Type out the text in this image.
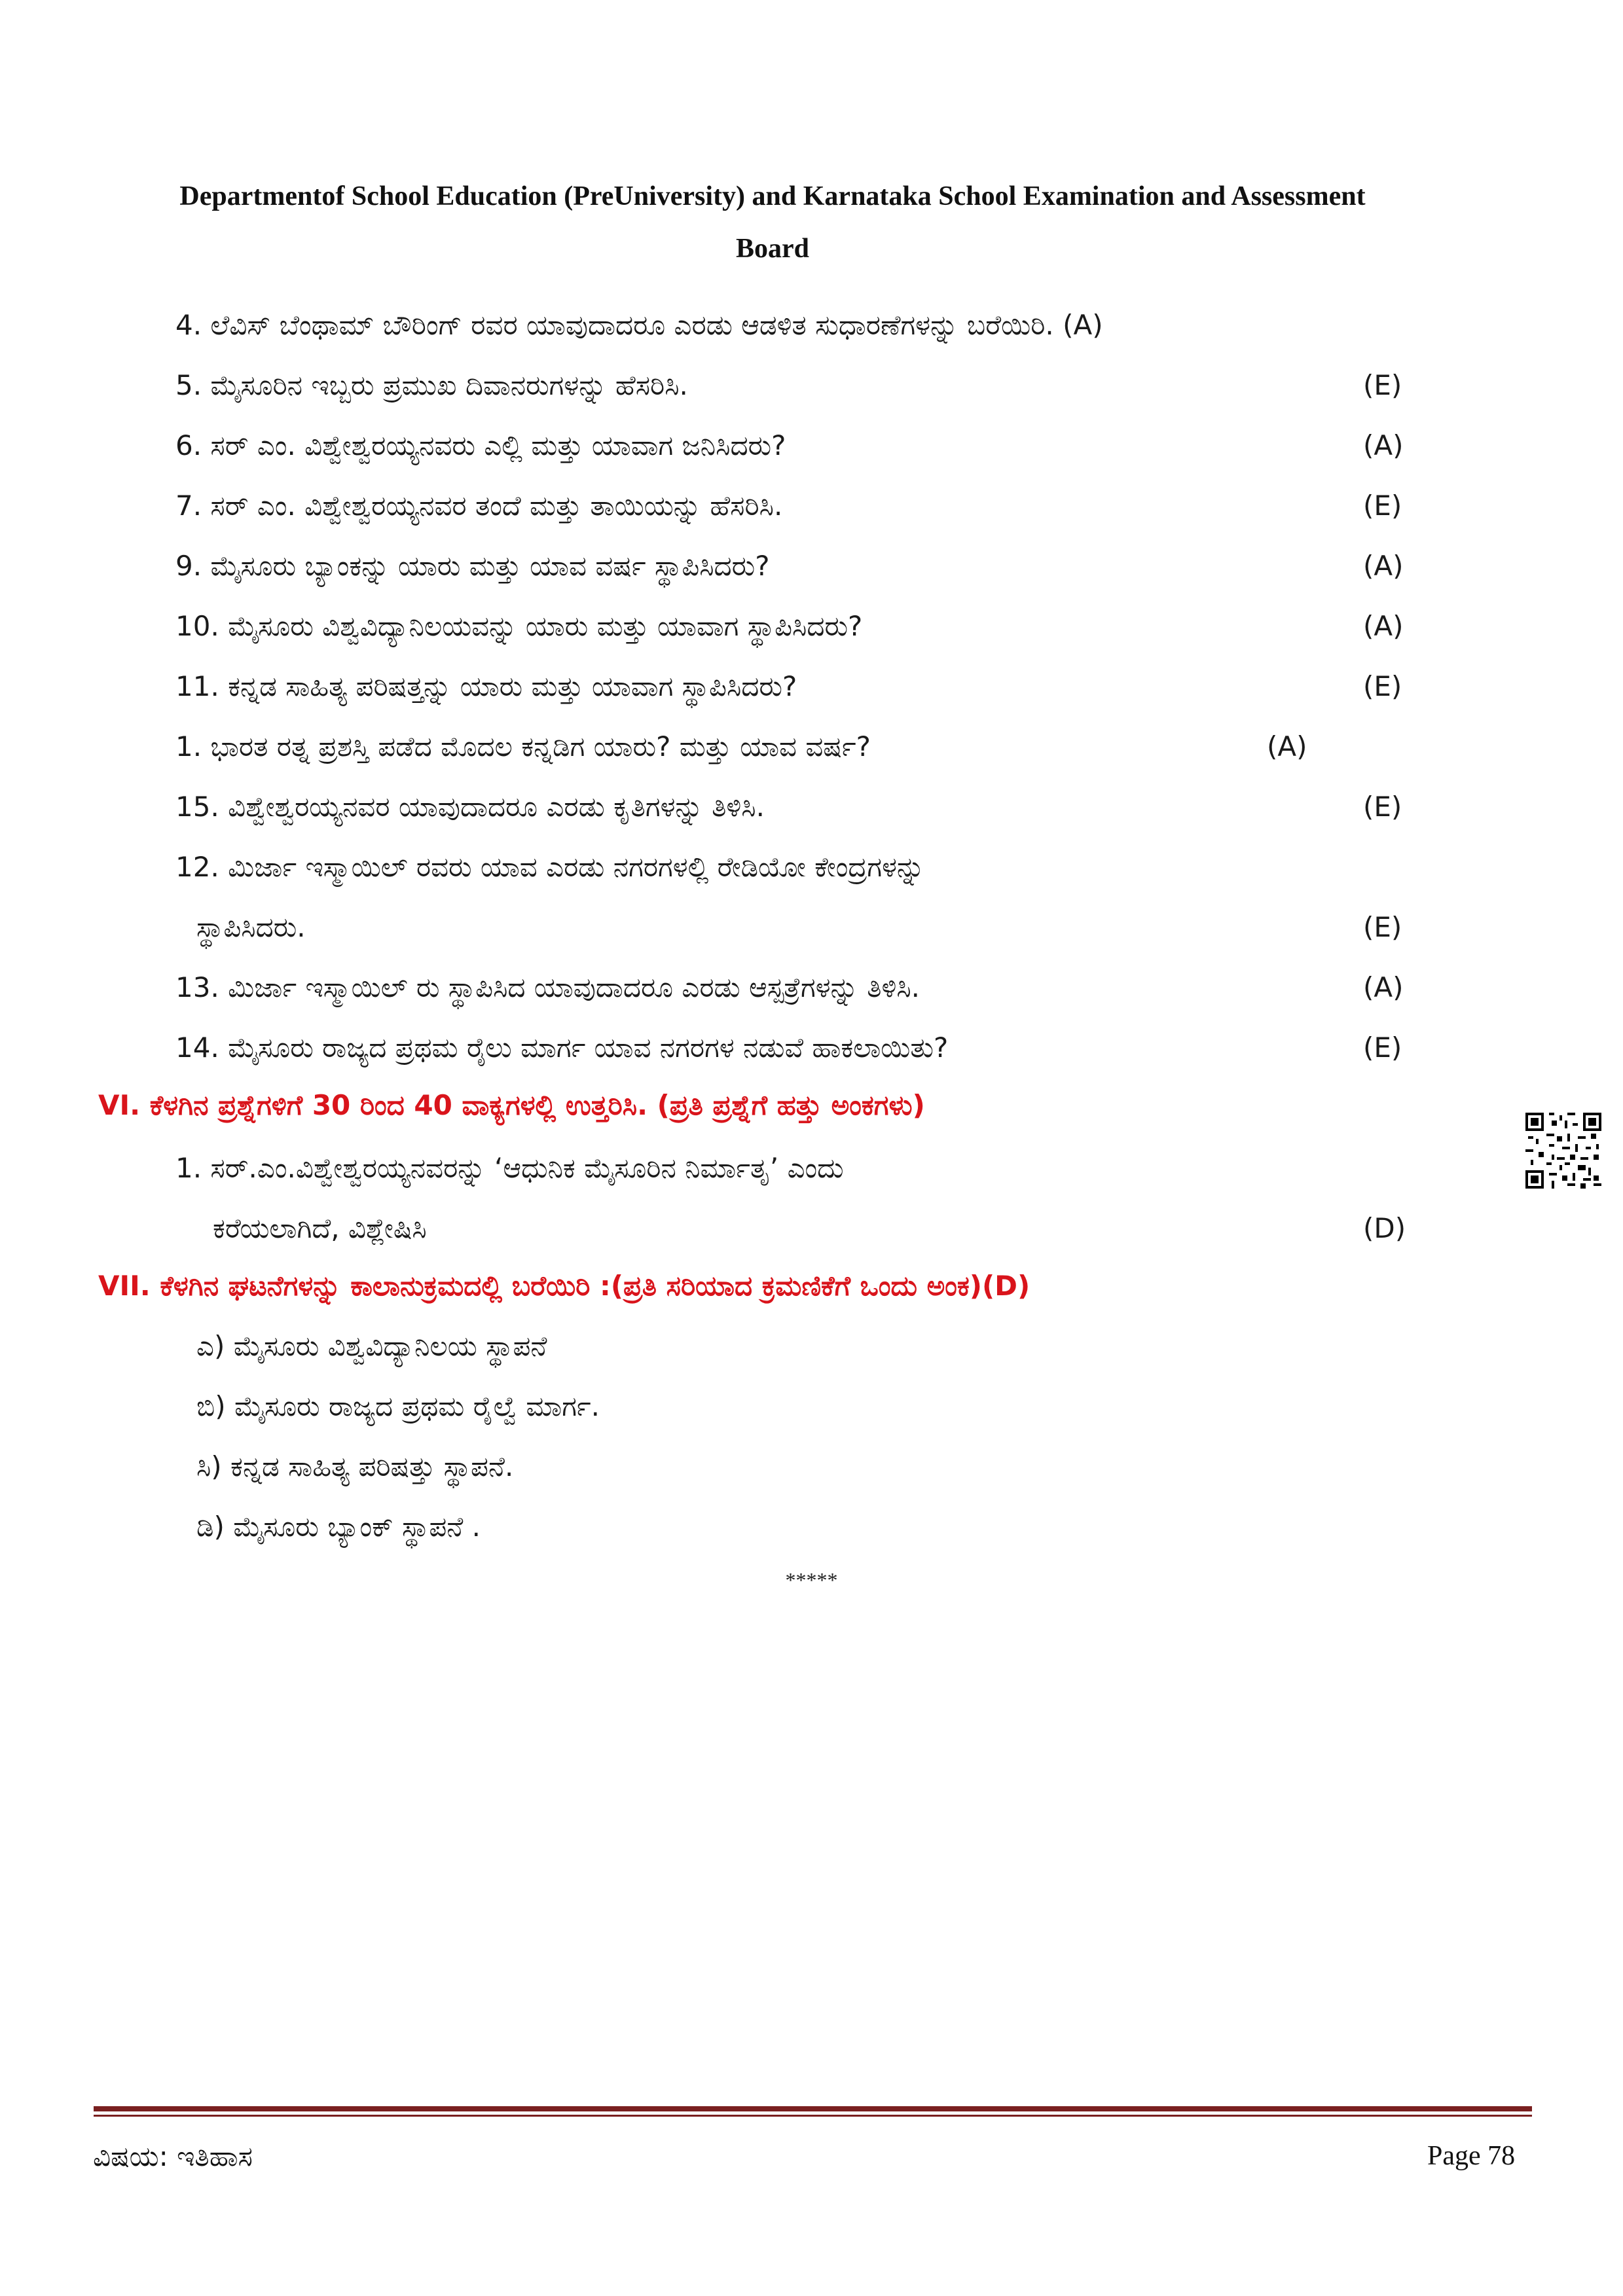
Departmentof School Education (PreUniversity) and Karnataka School Examination and Assessment
Board
4. ಲೆವಿಸ್ ಬೆಂಥಾಮ್ ಬೌರಿಂಗ್ ರವರ ಯಾವುದಾದರೂ ಎರಡು ಆಡಳಿತ ಸುಧಾರಣೆಗಳನ್ನು ಬರೆಯಿರಿ. (A)
5. ಮೈಸೂರಿನ ಇಬ್ಬರು ಪ್ರಮುಖ ದಿವಾನರುಗಳನ್ನು ಹೆಸರಿಸಿ.	(E)
6. ಸರ್ ಎಂ. ವಿಶ್ವೇಶ್ವರಯ್ಯನವರು ಎಲ್ಲಿ ಮತ್ತು ಯಾವಾಗ ಜನಿಸಿದರು?	(A)
7. ಸರ್ ಎಂ. ವಿಶ್ವೇಶ್ವರಯ್ಯನವರ ತಂದೆ ಮತ್ತು ತಾಯಿಯನ್ನು ಹೆಸರಿಸಿ.	(E)
9. ಮೈಸೂರು ಬ್ಯಾಂಕನ್ನು ಯಾರು ಮತ್ತು ಯಾವ ವರ್ಷ ಸ್ಥಾಪಿಸಿದರು?	(A)
10. ಮೈಸೂರು ವಿಶ್ವವಿದ್ಯಾನಿಲಯವನ್ನು ಯಾರು ಮತ್ತು ಯಾವಾಗ ಸ್ಥಾಪಿಸಿದರು?	(A)
11. ಕನ್ನಡ ಸಾಹಿತ್ಯ ಪರಿಷತ್ತನ್ನು ಯಾರು ಮತ್ತು ಯಾವಾಗ ಸ್ಥಾಪಿಸಿದರು?	(E)
1. ಭಾರತ ರತ್ನ ಪ್ರಶಸ್ತಿ ಪಡೆದ ಮೊದಲ ಕನ್ನಡಿಗ ಯಾರು? ಮತ್ತು ಯಾವ ವರ್ಷ?	(A)
15. ವಿಶ್ವೇಶ್ವರಯ್ಯನವರ ಯಾವುದಾದರೂ ಎರಡು ಕೃತಿಗಳನ್ನು ತಿಳಿಸಿ.	(E)
12. ಮಿರ್ಜಾ ಇಸ್ಮಾಯಿಲ್ ರವರು ಯಾವ ಎರಡು ನಗರಗಳಲ್ಲಿ ರೇಡಿಯೋ ಕೇಂದ್ರಗಳನ್ನು
ಸ್ಥಾಪಿಸಿದರು.	(E)
13. ಮಿರ್ಜಾ ಇಸ್ಮಾಯಿಲ್ ರು ಸ್ಥಾಪಿಸಿದ ಯಾವುದಾದರೂ ಎರಡು ಆಸ್ಪತ್ರೆಗಳನ್ನು ತಿಳಿಸಿ.	(A)
14. ಮೈಸೂರು ರಾಜ್ಯದ ಪ್ರಥಮ ರೈಲು ಮಾರ್ಗ ಯಾವ ನಗರಗಳ ನಡುವೆ ಹಾಕಲಾಯಿತು?	(E)
VI. ಕೆಳಗಿನ ಪ್ರಶ್ನೆಗಳಿಗೆ 30 ರಿಂದ 40 ವಾಕ್ಯಗಳಲ್ಲಿ ಉತ್ತರಿಸಿ. (ಪ್ರತಿ ಪ್ರಶ್ನೆಗೆ ಹತ್ತು ಅಂಕಗಳು)
1. ಸರ್.ಎಂ.ವಿಶ್ವೇಶ್ವರಯ್ಯನವರನ್ನು ‘ಆಧುನಿಕ ಮೈಸೂರಿನ ನಿರ್ಮಾತೃ’ ಎಂದು
ಕರೆಯಲಾಗಿದೆ, ವಿಶ್ಲೇಷಿಸಿ	(D)
VII. ಕೆಳಗಿನ ಘಟನೆಗಳನ್ನು ಕಾಲಾನುಕ್ರಮದಲ್ಲಿ ಬರೆಯಿರಿ :(ಪ್ರತಿ ಸರಿಯಾದ ಕ್ರಮಣಿಕೆಗೆ ಒಂದು ಅಂಕ)(D)
ಎ) ಮೈಸೂರು ವಿಶ್ವವಿದ್ಯಾನಿಲಯ ಸ್ಥಾಪನೆ
ಬಿ) ಮೈಸೂರು ರಾಜ್ಯದ ಪ್ರಥಮ ರೈಲ್ವೆ ಮಾರ್ಗ.
ಸಿ) ಕನ್ನಡ ಸಾಹಿತ್ಯ ಪರಿಷತ್ತು ಸ್ಥಾಪನೆ.
ಡಿ) ಮೈಸೂರು ಬ್ಯಾಂಕ್ ಸ್ಥಾಪನೆ .
*****
ವಿಷಯ: ಇತಿಹಾಸ	Page 78
